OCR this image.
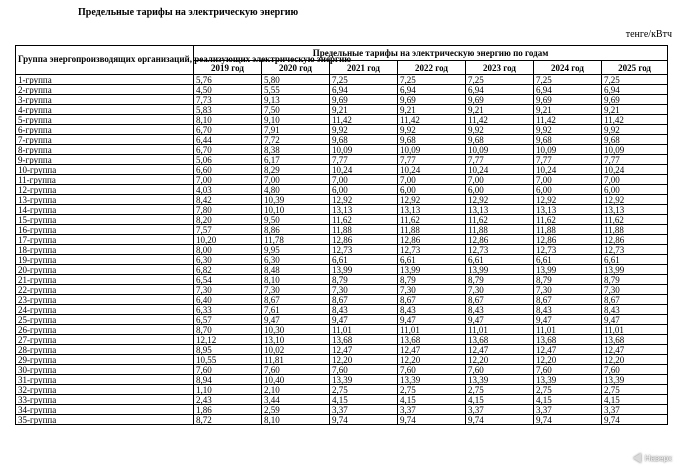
Предельные тарифы на электрическую энергию
тенге/кВтч
Группа энергопроизводящих организаций, реализующих электрическую энергию	Предельные тарифы на электрическую энергию по годам						
	2019 год	2020 год	2021 год	2022 год	2023 год	2024 год	2025 год
1-группа	5,76	5,80	7,25	7,25	7,25	7,25	7,25
2-группа	4,50	5,55	6,94	6,94	6,94	6,94	6,94
3-группа	7,73	9,13	9,69	9,69	9,69	9,69	9,69
4-группа	5,83	7,50	9,21	9,21	9,21	9,21	9,21
5-группа	8,10	9,10	11,42	11,42	11,42	11,42	11,42
6-группа	6,70	7,91	9,92	9,92	9,92	9,92	9,92
7-группа	6,44	7,72	9,68	9,68	9,68	9,68	9,68
8-группа	6,70	8,38	10,09	10,09	10,09	10,09	10,09
9-группа	5,06	6,17	7,77	7,77	7,77	7,77	7,77
10-группа	6,60	8,29	10,24	10,24	10,24	10,24	10,24
11-группа	7,00	7,00	7,00	7,00	7,00	7,00	7,00
12-группа	4,03	4,80	6,00	6,00	6,00	6,00	6,00
13-группа	8,42	10,39	12,92	12,92	12,92	12,92	12,92
14-группа	7,80	10,10	13,13	13,13	13,13	13,13	13,13
15-группа	8,20	9,50	11,62	11,62	11,62	11,62	11,62
16-группа	7,57	8,86	11,88	11,88	11,88	11,88	11,88
17-группа	10,20	11,78	12,86	12,86	12,86	12,86	12,86
18-группа	8,00	9,95	12,73	12,73	12,73	12,73	12,73
19-группа	6,30	6,30	6,61	6,61	6,61	6,61	6,61
20-группа	6,82	8,48	13,99	13,99	13,99	13,99	13,99
21-группа	6,54	8,10	8,79	8,79	8,79	8,79	8,79
22-группа	7,30	7,30	7,30	7,30	7,30	7,30	7,30
23-группа	6,40	8,67	8,67	8,67	8,67	8,67	8,67
24-группа	6,33	7,61	8,43	8,43	8,43	8,43	8,43
25-группа	6,57	9,47	9,47	9,47	9,47	9,47	9,47
26-группа	8,70	10,30	11,01	11,01	11,01	11,01	11,01
27-группа	12,12	13,10	13,68	13,68	13,68	13,68	13,68
28-группа	8,95	10,02	12,47	12,47	12,47	12,47	12,47
29-группа	10,55	11,81	12,20	12,20	12,20	12,20	12,20
30-группа	7,60	7,60	7,60	7,60	7,60	7,60	7,60
31-группа	8,94	10,40	13,39	13,39	13,39	13,39	13,39
32-группа	1,10	2,10	2,75	2,75	2,75	2,75	2,75
33-группа	2,43	3,44	4,15	4,15	4,15	4,15	4,15
34-группа	1,86	2,59	3,37	3,37	3,37	3,37	3,37
35-группа	8,72	8,10	9,74	9,74	9,74	9,74	9,74
Наверх
